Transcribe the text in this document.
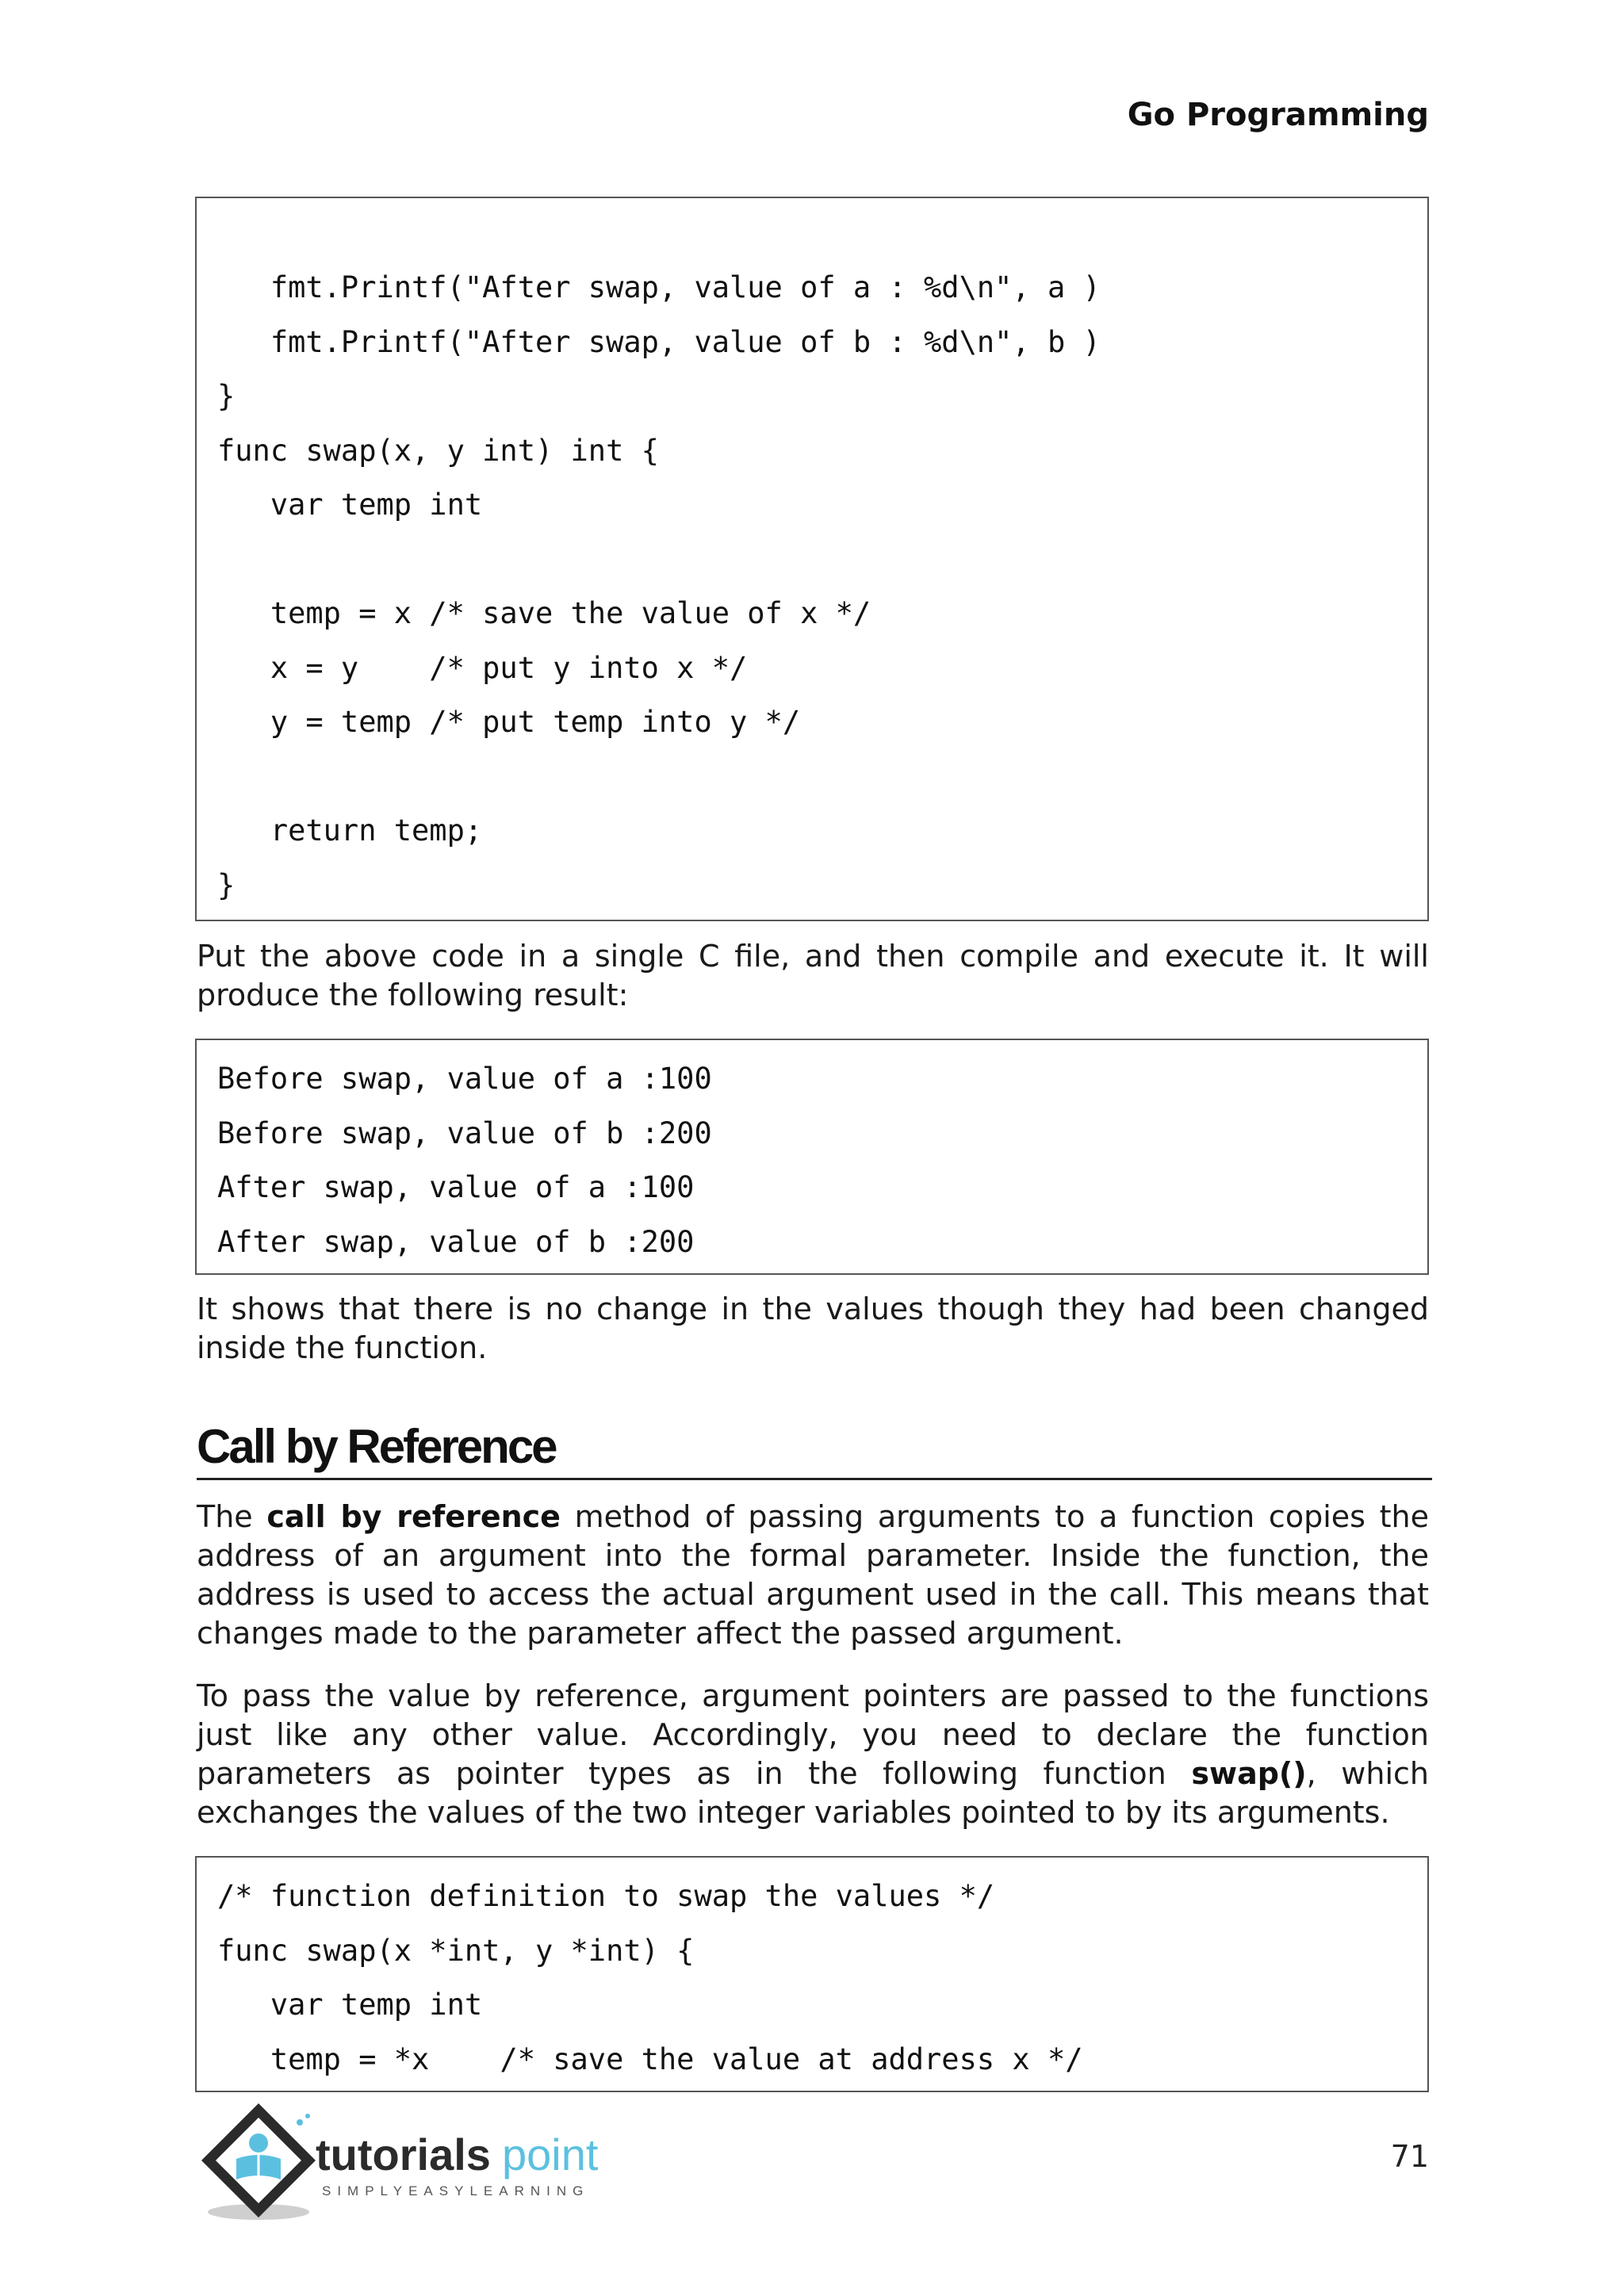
Go Programming
fmt.Printf("After swap, value of a : %d\n", a )
fmt.Printf("After swap, value of b : %d\n", b )
}
func swap(x, y int) int {
var temp int
temp = x /* save the value of x */
x = y    /* put y into x */
y = temp /* put temp into y */
return temp;
}

Put the above code in a single C file, and then compile and execute it. It will produce the following result:

Before swap, value of a :100
Before swap, value of b :200
After swap, value of a :100
After swap, value of b :200

It shows that there is no change in the values though they had been changed inside the function.

Call by Reference

The call by reference method of passing arguments to a function copies the address of an argument into the formal parameter. Inside the function, the address is used to access the actual argument used in the call. This means that changes made to the parameter affect the passed argument.

To pass the value by reference, argument pointers are passed to the functions just like any other value. Accordingly, you need to declare the function parameters as pointer types as in the following function swap(), which exchanges the values of the two integer variables pointed to by its arguments.

/* function definition to swap the values */
func swap(x *int, y *int) {
var temp int
temp = *x    /* save the value at address x */
tutorials point
SIMPLYEASYLEARNING
71
